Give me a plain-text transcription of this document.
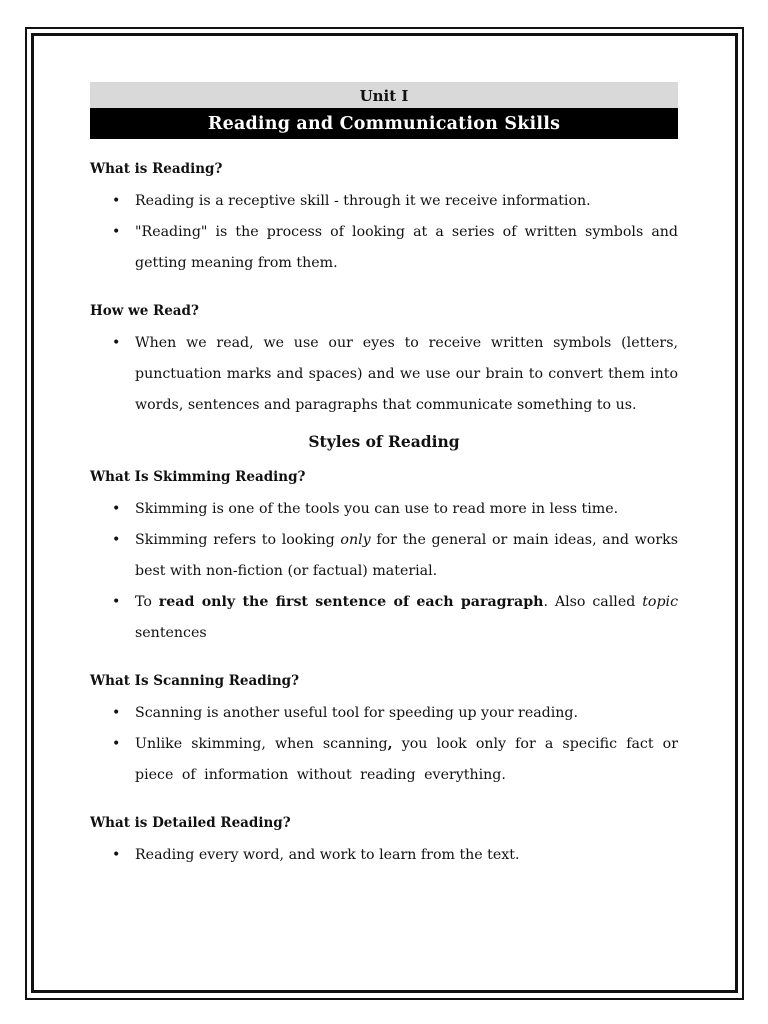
Unit I
Reading and Communication Skills
What is Reading?
• Reading is a receptive skill - through it we receive information.
• "Reading" is the process of looking at a series of written symbols and getting meaning from them.
How we Read?
• When we read, we use our eyes to receive written symbols (letters, punctuation marks and spaces) and we use our brain to convert them into words, sentences and paragraphs that communicate something to us.
Styles of Reading
What Is Skimming Reading?
• Skimming is one of the tools you can use to read more in less time.
• Skimming refers to looking only for the general or main ideas, and works best with non-fiction (or factual) material.
• To read only the first sentence of each paragraph. Also called topic sentences
What Is Scanning Reading?
• Scanning is another useful tool for speeding up your reading.
• Unlike skimming, when scanning, you look only for a specific fact or piece of information without reading everything.
What is Detailed Reading?
• Reading every word, and work to learn from the text.
